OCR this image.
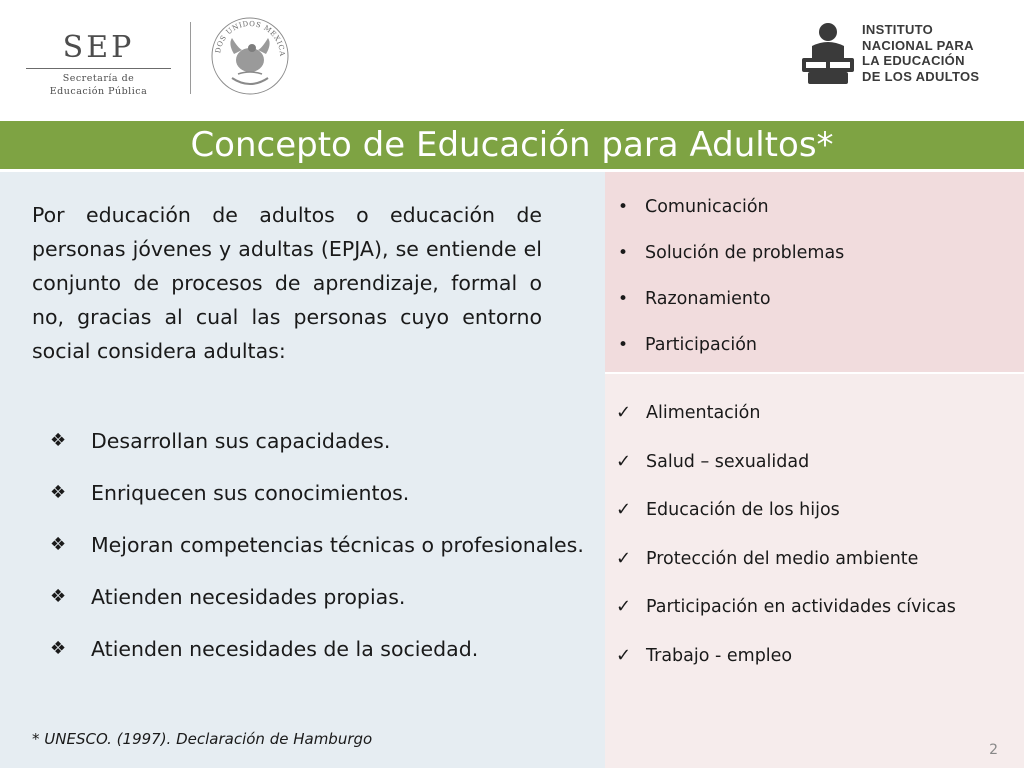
SEP
Secretaría de
Educación Pública
DOS UNIDOS MEXICA
INSTITUTO
NACIONAL PARA
LA EDUCACIÓN
DE LOS ADULTOS
Concepto de Educación para Adultos*
Por educación de adultos o educación de personas jóvenes y adultas (EPJA), se entiende el conjunto de procesos de aprendizaje, formal o no, gracias al cual las personas cuyo entorno social considera adultas:
❖	Desarrollan sus capacidades.
❖	Enriquecen sus conocimientos.
❖	Mejoran competencias técnicas o profesionales.
❖	Atienden necesidades propias.
❖	Atienden necesidades de la sociedad.
* UNESCO. (1997). Declaración de Hamburgo
• Comunicación
• Solución de problemas
• Razonamiento
• Participación
✓ Alimentación
✓ Salud – sexualidad
✓ Educación de los hijos
✓ Protección del medio ambiente
✓ Participación en actividades cívicas
✓ Trabajo - empleo
2
